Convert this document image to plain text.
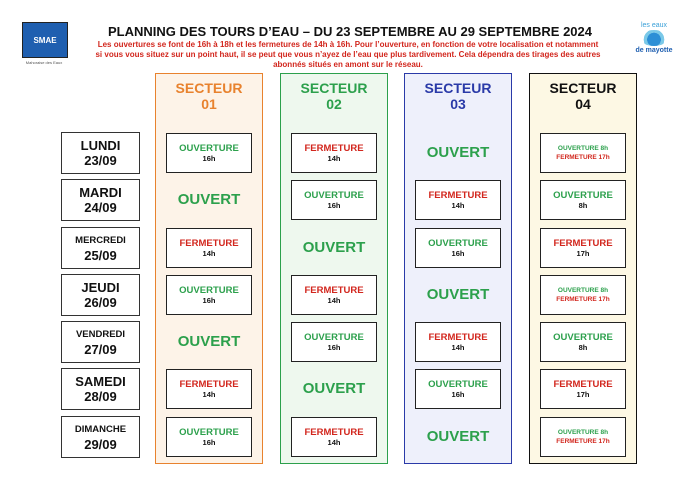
SMAE
Mahoraise des Eaux
PLANNING DES TOURS D’EAU – DU 23 SEPTEMBRE AU 29 SEPTEMBRE 2024
Les ouvertures se font de 16h à 18h et les fermetures de 14h à 16h. Pour l’ouverture, en fonction de votre localisation et notamment si vous vous situez sur un point haut, il se peut que vous n’ayez de l’eau que plus tardivement. Cela dépendra des tirages des autres abonnés situés en amont sur le réseau.
les eaux
de mayotte
LUNDI
23/09
MARDI
24/09
MERCREDI
25/09
JEUDI
26/09
VENDREDI
27/09
SAMEDI
28/09
DIMANCHE
29/09
SECTEUR
01
OUVERTURE
16h
OUVERT
FERMETURE
14h
OUVERTURE
16h
OUVERT
FERMETURE
14h
OUVERTURE
16h
SECTEUR
02
FERMETURE
14h
OUVERTURE
16h
OUVERT
FERMETURE
14h
OUVERTURE
16h
OUVERT
FERMETURE
14h
SECTEUR
03
OUVERT
FERMETURE
14h
OUVERTURE
16h
OUVERT
FERMETURE
14h
OUVERTURE
16h
OUVERT
SECTEUR
04
OUVERTURE 8h
FERMETURE 17h
OUVERTURE
8h
FERMETURE
17h
OUVERTURE 8h
FERMETURE 17h
OUVERTURE
8h
FERMETURE
17h
OUVERTURE 8h
FERMETURE 17h
